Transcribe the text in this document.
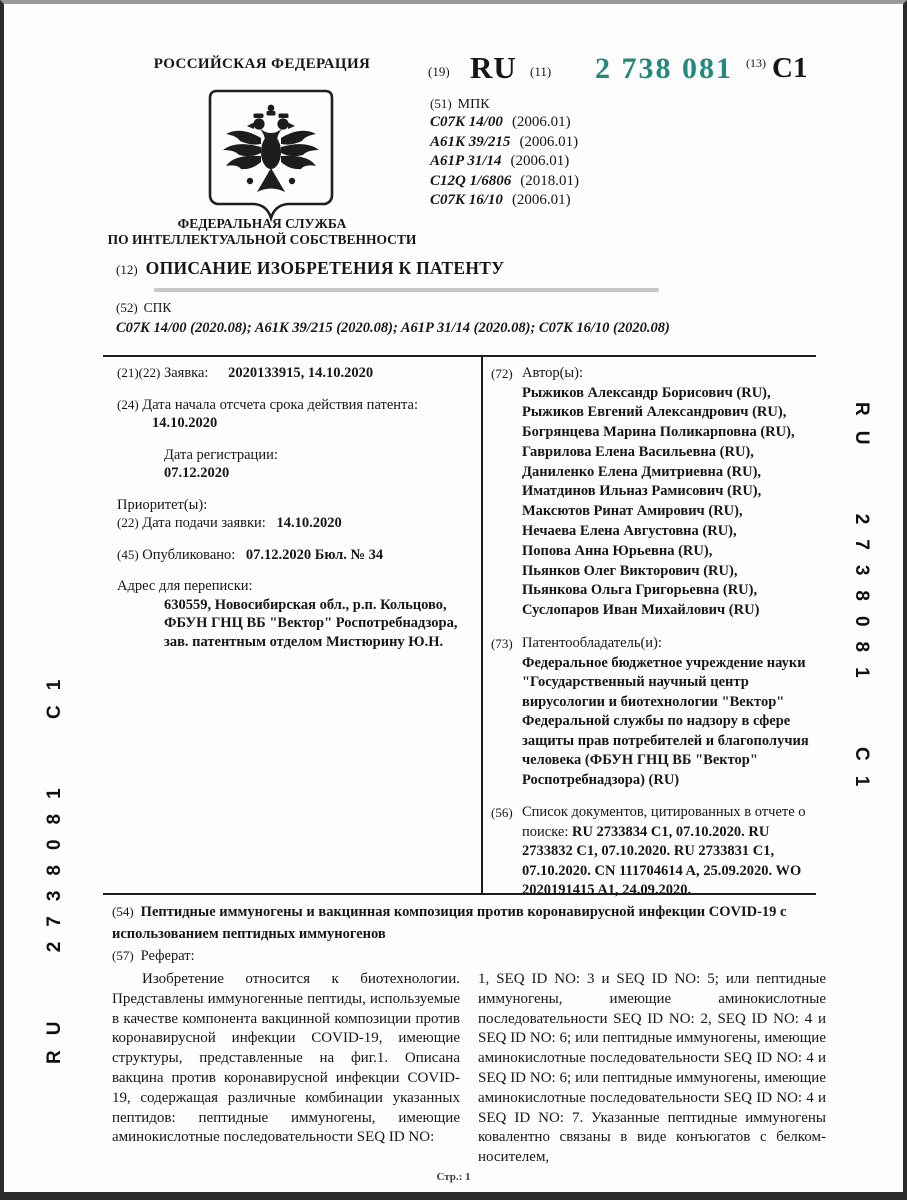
РОССИЙСКАЯ ФЕДЕРАЦИЯ
ФЕДЕРАЛЬНАЯ СЛУЖБА
ПО ИНТЕЛЛЕКТУАЛЬНОЙ СОБСТВЕННОСТИ
(19) RU (11) 2 738 081 (13) C1
(51) МПК
C07K 14/00 (2006.01)
A61K 39/215 (2006.01)
A61P 31/14 (2006.01)
C12Q 1/6806 (2018.01)
C07K 16/10 (2006.01)
(12) ОПИСАНИЕ ИЗОБРЕТЕНИЯ К ПАТЕНТУ
(52) СПК
C07K 14/00 (2020.08); A61K 39/215 (2020.08); A61P 31/14 (2020.08); C07K 16/10 (2020.08)
(21)(22) Заявка: 2020133915, 14.10.2020
(24) Дата начала отсчета срока действия патента:
14.10.2020
Дата регистрации:
07.12.2020
Приоритет(ы):
(22) Дата подачи заявки: 14.10.2020
(45) Опубликовано: 07.12.2020 Бюл. № 34
Адрес для переписки:
630559, Новосибирская обл., р.п. Кольцово,
ФБУН ГНЦ ВБ "Вектор" Роспотребнадзора,
зав. патентным отделом Мистюрину Ю.Н.
(72) Автор(ы):
Рыжиков Александр Борисович (RU),
Рыжиков Евгений Александрович (RU),
Богрянцева Марина Поликарповна (RU),
Гаврилова Елена Васильевна (RU),
Даниленко Елена Дмитриевна (RU),
Иматдинов Ильназ Рамисович (RU),
Максютов Ринат Амирович (RU),
Нечаева Елена Августовна (RU),
Попова Анна Юрьевна (RU),
Пьянков Олег Викторович (RU),
Пьянкова Ольга Григорьевна (RU),
Суслопаров Иван Михайлович (RU)
(73) Патентообладатель(и):
Федеральное бюджетное учреждение науки "Государственный научный центр вирусологии и биотехнологии "Вектор" Федеральной службы по надзору в сфере защиты прав потребителей и благополучия человека (ФБУН ГНЦ ВБ "Вектор" Роспотребнадзора) (RU)
(56) Список документов, цитированных в отчете о поиске: RU 2733834 C1, 07.10.2020. RU 2733832 C1, 07.10.2020. RU 2733831 C1, 07.10.2020. CN 111704614 A, 25.09.2020. WO 2020191415 A1, 24.09.2020.
(54) Пептидные иммуногены и вакцинная композиция против коронавирусной инфекции COVID-19 с использованием пептидных иммуногенов
(57) Реферат:
Изобретение относится к биотехнологии. Представлены иммуногенные пептиды, используемые в качестве компонента вакцинной композиции против коронавирусной инфекции COVID-19, имеющие структуры, представленные на фиг.1. Описана вакцина против коронавирусной инфекции COVID-19, содержащая различные комбинации указанных пептидов: пептидные иммуногены, имеющие аминокислотные последовательности SEQ ID NO:
1, SEQ ID NO: 3 и SEQ ID NO: 5; или пептидные иммуногены, имеющие аминокислотные последовательности SEQ ID NO: 2, SEQ ID NO: 4 и SEQ ID NO: 6; или пептидные иммуногены, имеющие аминокислотные последовательности SEQ ID NO: 4 и SEQ ID NO: 6; или пептидные иммуногены, имеющие аминокислотные последовательности SEQ ID NO: 4 и SEQ ID NO: 7. Указанные пептидные иммуногены ковалентно связаны в виде конъюгатов с белком-носителем,
Стр.: 1
RU 2738081 C1
RU 2738081 C1
